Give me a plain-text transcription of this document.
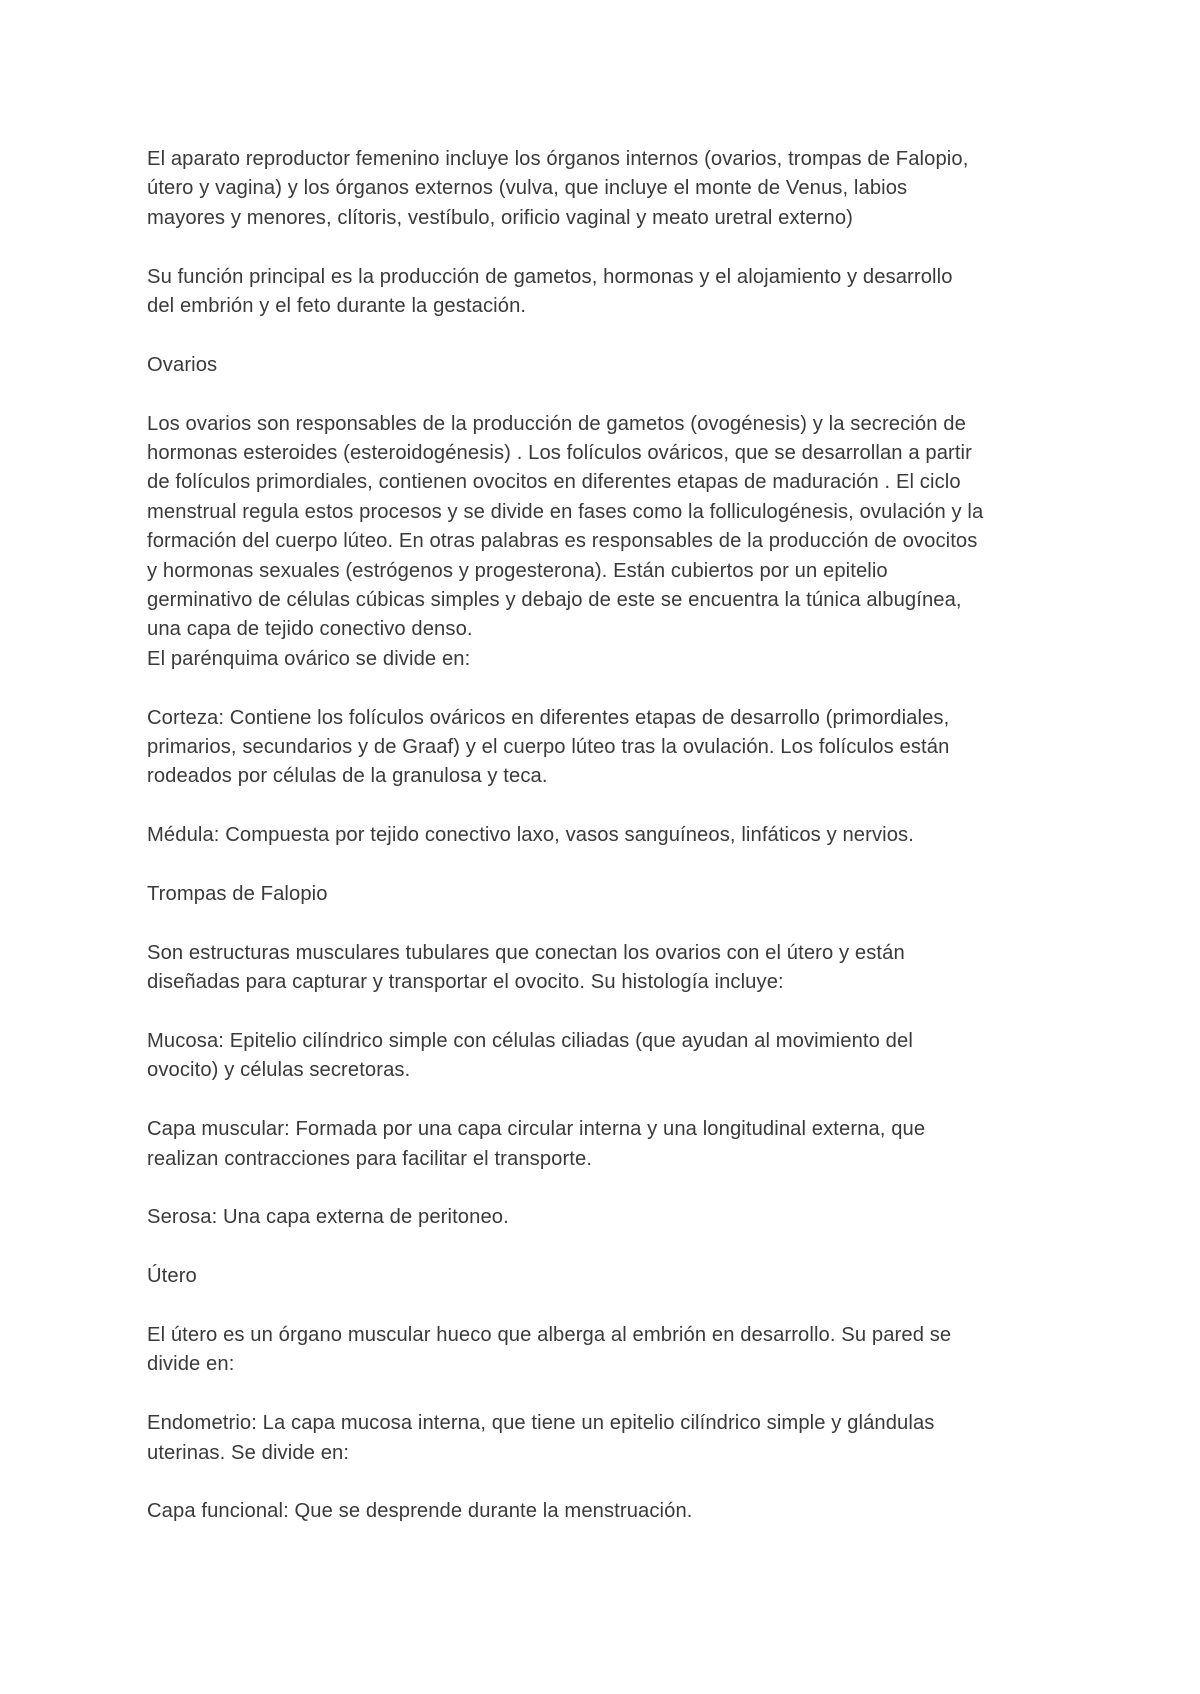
El aparato reproductor femenino incluye los órganos internos (ovarios, trompas de Falopio,
útero y vagina) y los órganos externos (vulva, que incluye el monte de Venus, labios
mayores y menores, clítoris, vestíbulo, orificio vaginal y meato uretral externo)

Su función principal es la producción de gametos, hormonas y el alojamiento y desarrollo
del embrión y el feto durante la gestación.

Ovarios

Los ovarios son responsables de la producción de gametos (ovogénesis) y la secreción de
hormonas esteroides (esteroidogénesis) . Los folículos ováricos, que se desarrollan a partir
de folículos primordiales, contienen ovocitos en diferentes etapas de maduración . El ciclo
menstrual regula estos procesos y se divide en fases como la folliculogénesis, ovulación y la
formación del cuerpo lúteo. En otras palabras es responsables de la producción de ovocitos
y hormonas sexuales (estrógenos y progesterona). Están cubiertos por un epitelio
germinativo de células cúbicas simples y debajo de este se encuentra la túnica albugínea,
una capa de tejido conectivo denso.

El parénquima ovárico se divide en:

Corteza: Contiene los folículos ováricos en diferentes etapas de desarrollo (primordiales,
primarios, secundarios y de Graaf) y el cuerpo lúteo tras la ovulación. Los folículos están
rodeados por células de la granulosa y teca.

Médula: Compuesta por tejido conectivo laxo, vasos sanguíneos, linfáticos y nervios.

Trompas de Falopio

Son estructuras musculares tubulares que conectan los ovarios con el útero y están
diseñadas para capturar y transportar el ovocito. Su histología incluye:

Mucosa: Epitelio cilíndrico simple con células ciliadas (que ayudan al movimiento del
ovocito) y células secretoras.

Capa muscular: Formada por una capa circular interna y una longitudinal externa, que
realizan contracciones para facilitar el transporte.

Serosa: Una capa externa de peritoneo.

Útero

El útero es un órgano muscular hueco que alberga al embrión en desarrollo. Su pared se
divide en:

Endometrio: La capa mucosa interna, que tiene un epitelio cilíndrico simple y glándulas
uterinas. Se divide en:

Capa funcional: Que se desprende durante la menstruación.
